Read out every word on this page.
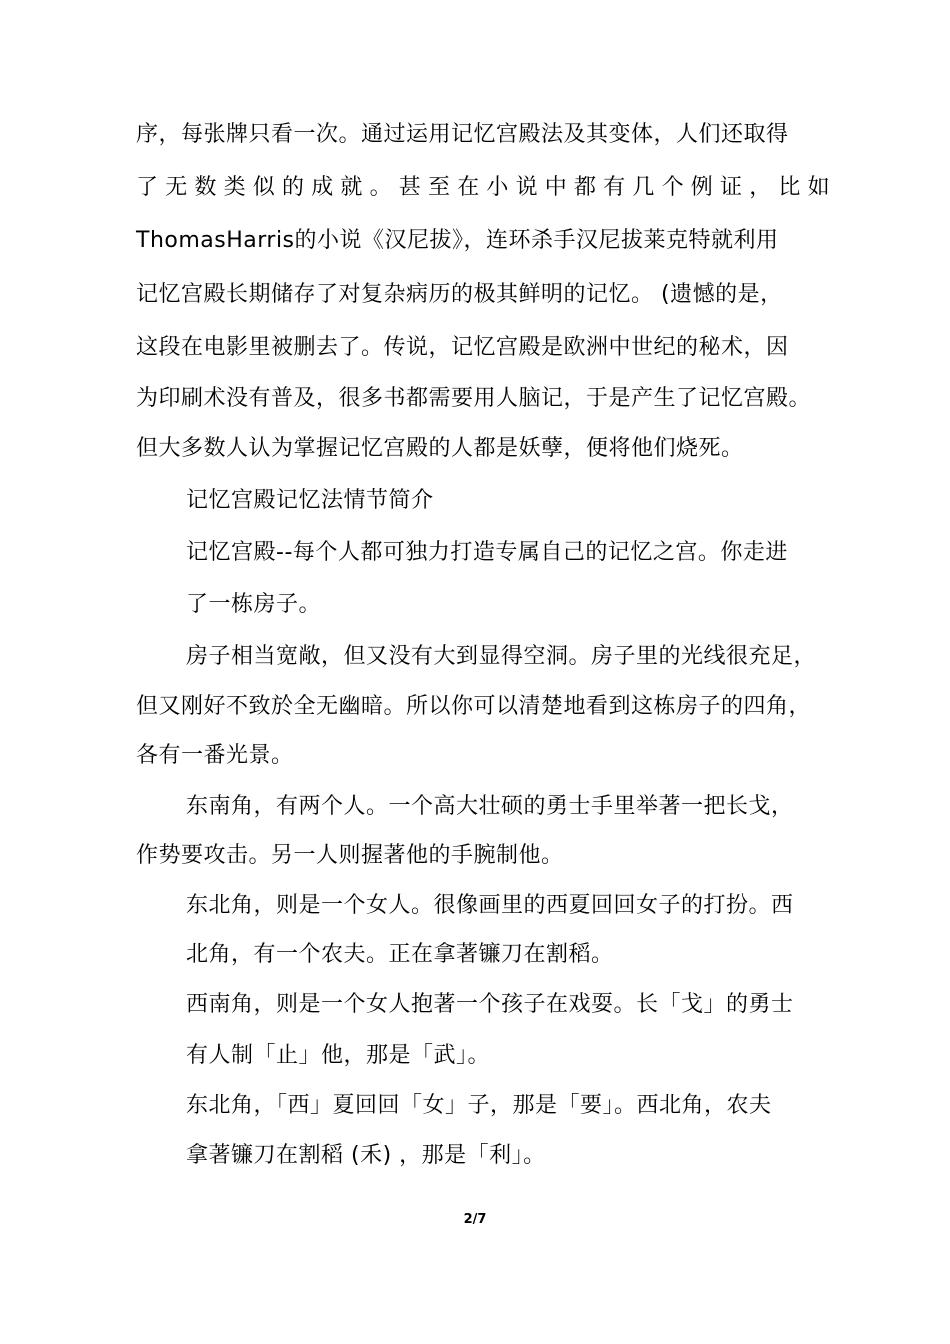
序，每张牌只看一次。通过运用记忆宫殿法及其变体，人们还取得
了无数类似的成就。甚至在小说中都有几个例证，比如
ThomasHarris的小说《汉尼拔》，连环杀手汉尼拔莱克特就利用
记忆宫殿长期储存了对复杂病历的极其鲜明的记忆。 (遗憾的是，
这段在电影里被删去了。传说，记忆宫殿是欧洲中世纪的秘术，因
为印刷术没有普及，很多书都需要用人脑记，于是产生了记忆宫殿。
但大多数人认为掌握记忆宫殿的人都是妖孽，便将他们烧死。
记忆宫殿记忆法情节简介
记忆宫殿--每个人都可独力打造专属自己的记忆之宫。你走进
了一栋房子。
房子相当宽敞，但又没有大到显得空洞。房子里的光线很充足，
但又刚好不致於全无幽暗。所以你可以清楚地看到这栋房子的四角，
各有一番光景。
东南角，有两个人。一个高大壮硕的勇士手里举著一把长戈，
作势要攻击。另一人则握著他的手腕制他。
东北角，则是一个女人。很像画里的西夏回回女子的打扮。西
北角，有一个农夫。正在拿著镰刀在割稻。
西南角，则是一个女人抱著一个孩子在戏耍。长「戈」的勇士
有人制「止」他，那是「武」。
东北角，「西」夏回回「女」子，那是「要」。西北角，农夫
拿著镰刀在割稻 (禾) ，那是「利」。
2/7
